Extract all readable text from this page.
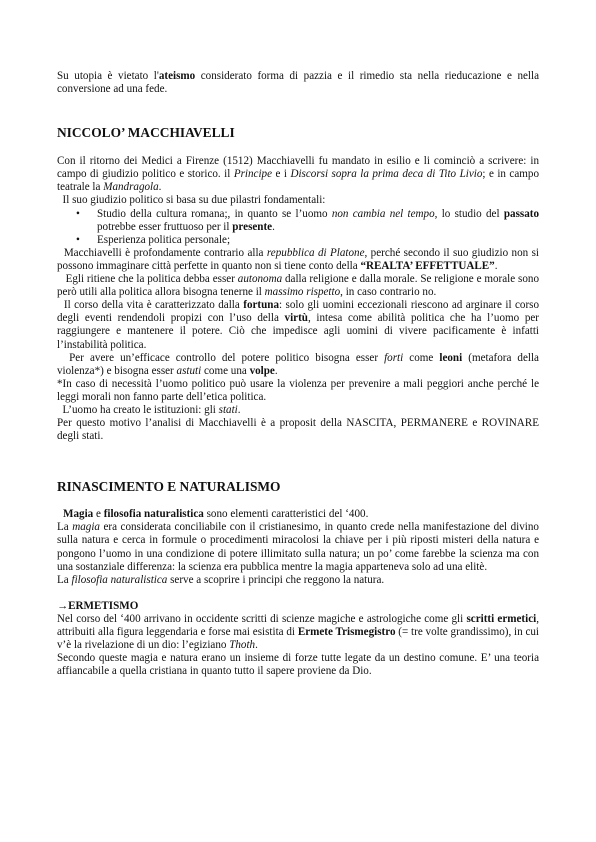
Su utopia è vietato l'ateismo considerato forma di pazzia e il rimedio sta nella rieducazione e nella conversione ad una fede.

NICCOLO’ MACCHIAVELLI

Con il ritorno dei Medici a Firenze (1512) Macchiavelli fu mandato in esilio e li cominciò a scrivere: in campo di giudizio politico e storico. il Principe e i Discorsi sopra la prima deca di Tito Livio; e in campo teatrale la Mandragola.

Il suo giudizio politico si basa su due pilastri fondamentali:

• Studio della cultura romana;, in quanto se l’uomo non cambia nel tempo, lo studio del passato potrebbe esser fruttuoso per il presente.
• Esperienza politica personale;

Macchiavelli è profondamente contrario alla repubblica di Platone, perché secondo il suo giudizio non si possono immaginare città perfette in quanto non si tiene conto della “REALTA’ EFFETTUALE”.

Egli ritiene che la politica debba esser autonoma dalla religione e dalla morale. Se religione e morale sono però utili alla politica allora bisogna tenerne il massimo rispetto, in caso contrario no.

Il corso della vita è caratterizzato dalla fortuna: solo gli uomini eccezionali riescono ad arginare il corso degli eventi rendendoli propizi con l’uso della virtù, intesa come abilità politica che ha l’uomo per raggiungere e mantenere il potere. Ciò che impedisce agli uomini di vivere pacificamente è infatti l’instabilità politica.

Per avere un’efficace controllo del potere politico bisogna esser forti come leoni (metafora della violenza*) e bisogna esser astuti come una volpe.

*In caso di necessità l’uomo politico può usare la violenza per prevenire a mali peggiori anche perché le leggi morali non fanno parte dell’etica politica.

L’uomo ha creato le istituzioni: gli stati.

Per questo motivo l’analisi di Macchiavelli è a proposit della NASCITA, PERMANERE e ROVINARE degli stati.

RINASCIMENTO E NATURALISMO

Magia e filosofia naturalistica sono elementi caratteristici del ‘400.

La magia era considerata conciliabile con il cristianesimo, in quanto crede nella manifestazione del divino sulla natura e cerca in formule o procedimenti miracolosi la chiave per i più riposti misteri della natura e pongono l’uomo in una condizione di potere illimitato sulla natura; un po’ come farebbe la scienza ma con una sostanziale differenza: la scienza era pubblica mentre la magia apparteneva solo ad una elitè.

La filosofia naturalistica serve a scoprire i principi che reggono la natura.

→ERMETISMO

Nel corso del ‘400 arrivano in occidente scritti di scienze magiche e astrologiche come gli scritti ermetici, attribuiti alla figura leggendaria e forse mai esistita di Ermete Trismegistro (= tre volte grandissimo), in cui v’è la rivelazione di un dio: l’egiziano Thoth.

Secondo queste magia e natura erano un insieme di forze tutte legate da un destino comune. E’ una teoria affiancabile a quella cristiana in quanto tutto il sapere proviene da Dio.
